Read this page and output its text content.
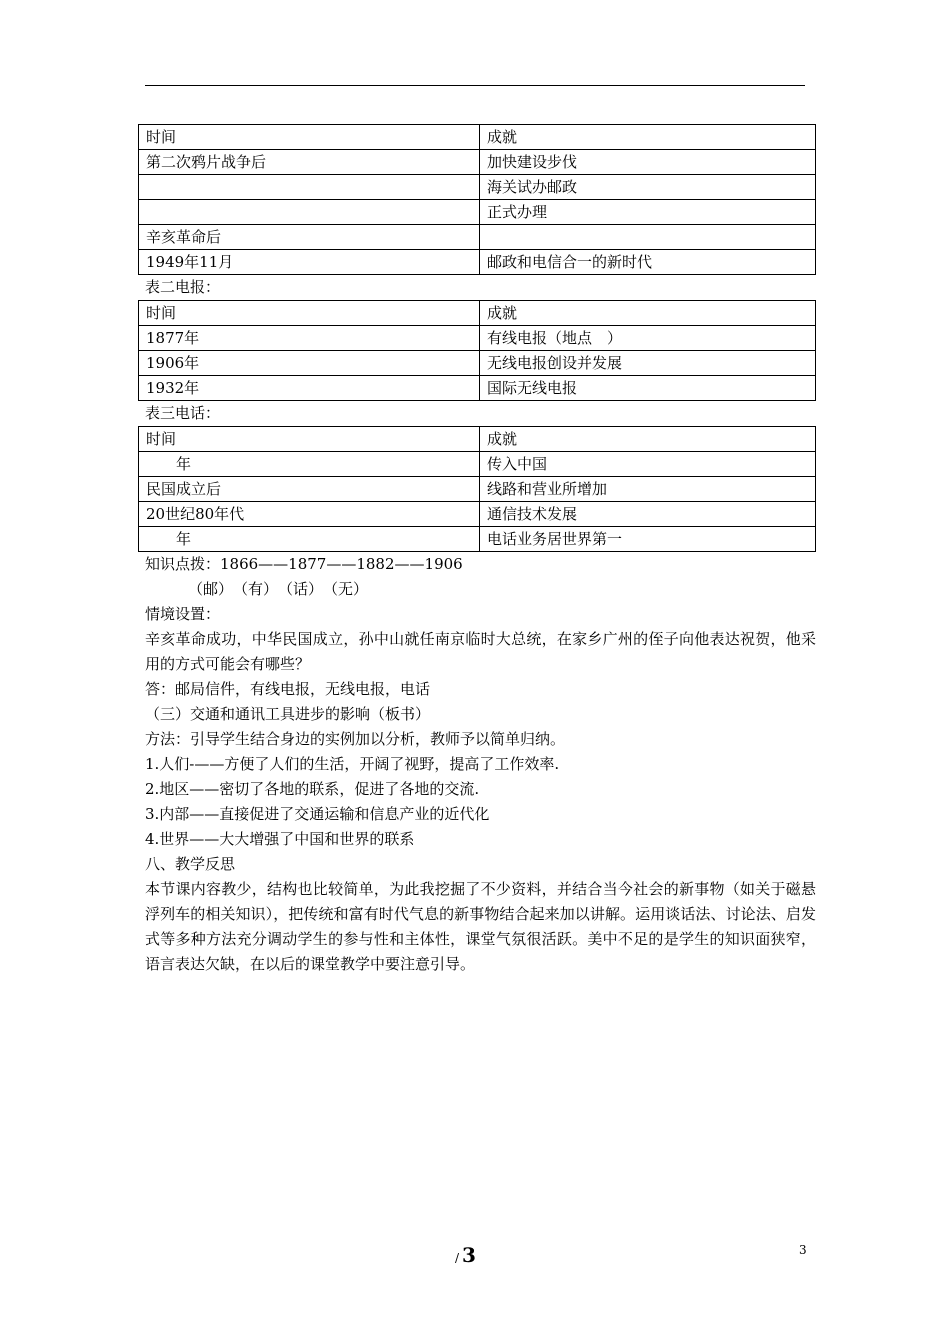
时间	成就
第二次鸦片战争后	加快建设步伐
	海关试办邮政
	正式办理
辛亥革命后	
1949年11月	邮政和电信合一的新时代
表二电报：
时间	成就
1877年	有线电报（地点　）
1906年	无线电报创设并发展
1932年	国际无线电报
表三电话：
时间	成就
　　年	传入中国
民国成立后	线路和营业所增加
20世纪80年代	通信技术发展
　　年	电话业务居世界第一
知识点拨：1866——1877——1882——1906
（邮）　（有）　（话）　（无）
情境设置：
辛亥革命成功，中华民国成立，孙中山就任南京临时大总统，在家乡广州的侄子向他表达祝贺，他采用的方式可能会有哪些？
答：邮局信件，有线电报，无线电报，电话
（三）交通和通讯工具进步的影响（板书）
方法：引导学生结合身边的实例加以分析，教师予以简单归纳。
1.人们-——方便了人们的生活，开阔了视野，提高了工作效率.
2.地区——密切了各地的联系，促进了各地的交流.
3.内部——直接促进了交通运输和信息产业的近代化
4.世界——大大增强了中国和世界的联系
八、教学反思
本节课内容教少，结构也比较简单，为此我挖掘了不少资料，并结合当今社会的新事物（如关于磁悬浮列车的相关知识），把传统和富有时代气息的新事物结合起来加以讲解。运用谈话法、讨论法、启发式等多种方法充分调动学生的参与性和主体性，课堂气氛很活跃。美中不足的是学生的知识面狭窄，语言表达欠缺，在以后的课堂教学中要注意引导。
/ 3	3
